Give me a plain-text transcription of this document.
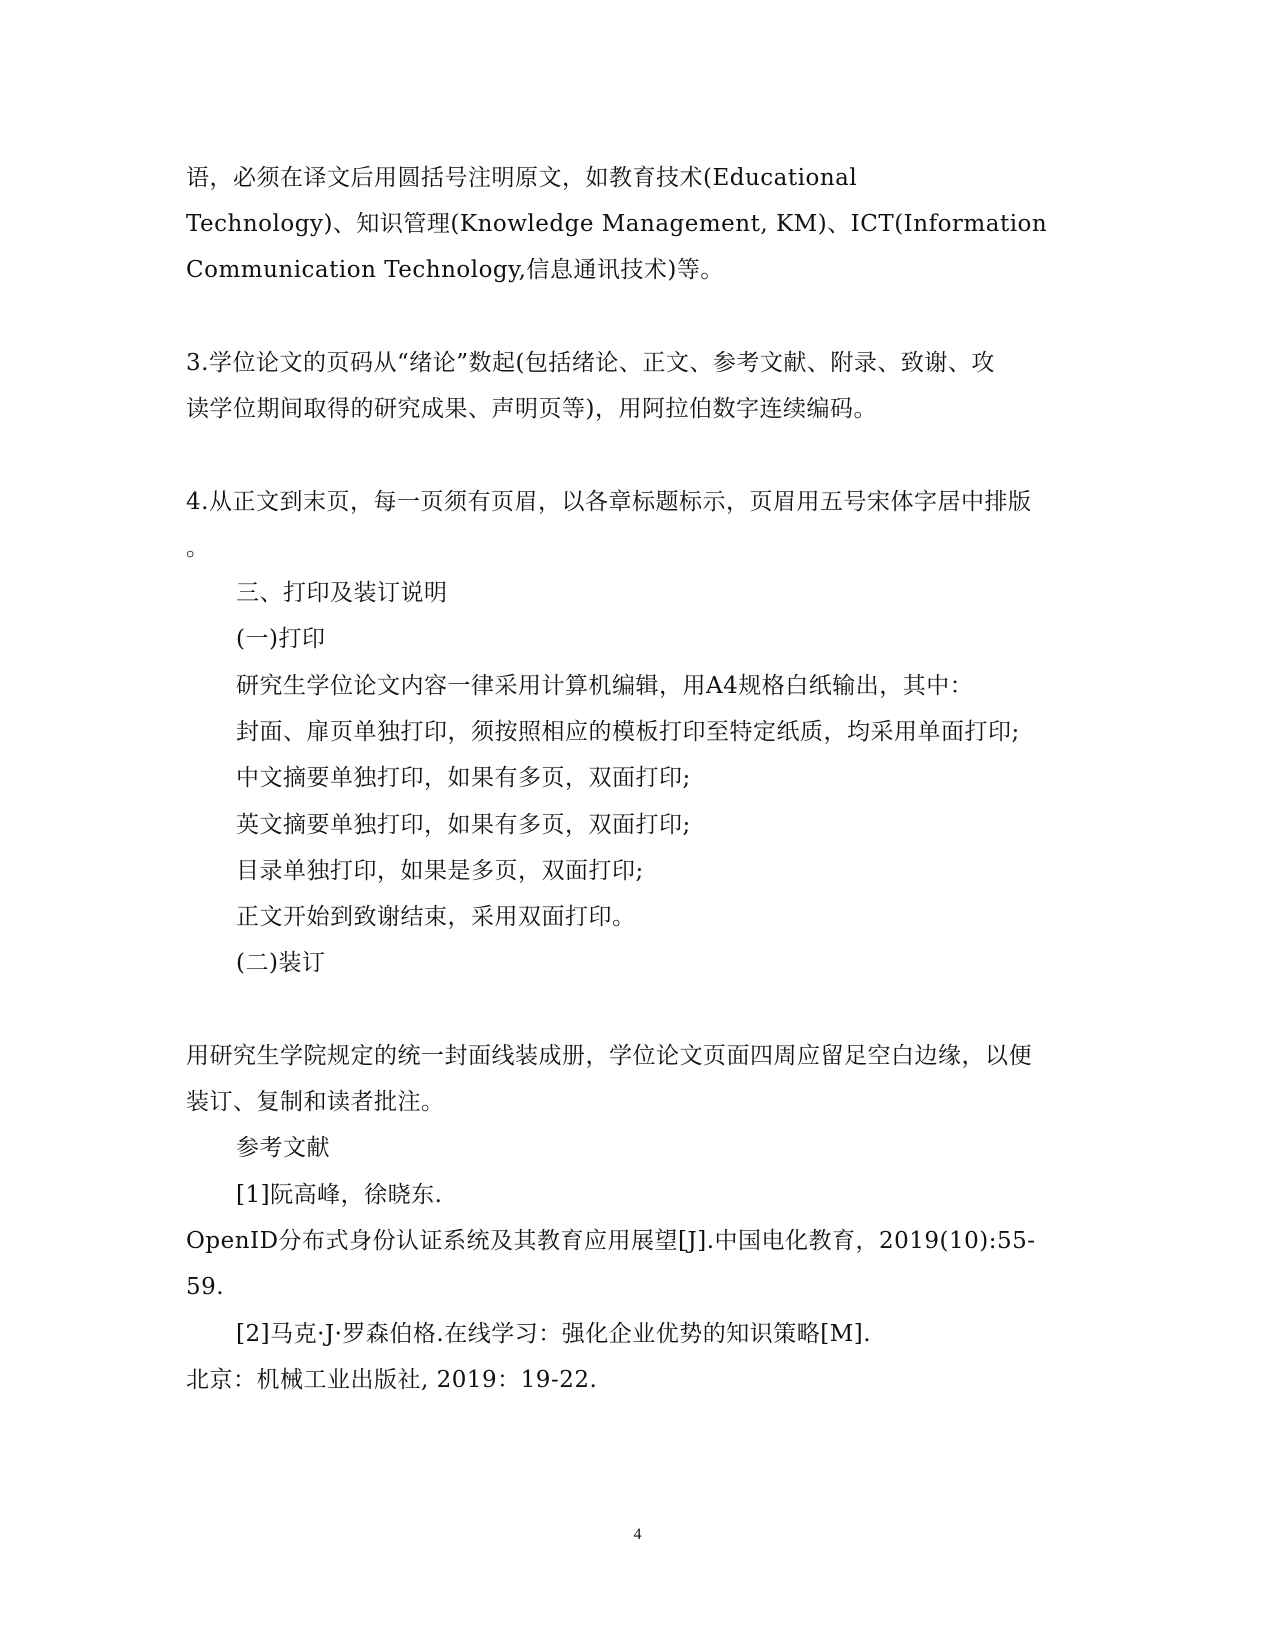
语，必须在译文后用圆括号注明原文，如教育技术(Educational
Technology)、知识管理(Knowledge Management, KM)、ICT(Information
Communication Technology,信息通讯技术)等。
3.学位论文的页码从“绪论”数起(包括绪论、正文、参考文献、附录、致谢、攻
读学位期间取得的研究成果、声明页等)，用阿拉伯数字连续编码。
4.从正文到末页，每一页须有页眉，以各章标题标示，页眉用五号宋体字居中排版
。
三、打印及装订说明
(一)打印
研究生学位论文内容一律采用计算机编辑，用A4规格白纸输出，其中：
封面、扉页单独打印，须按照相应的模板打印至特定纸质，均采用单面打印;
中文摘要单独打印，如果有多页，双面打印;
英文摘要单独打印，如果有多页，双面打印;
目录单独打印，如果是多页，双面打印;
正文开始到致谢结束，采用双面打印。
(二)装订
用研究生学院规定的统一封面线装成册，学位论文页面四周应留足空白边缘，以便
装订、复制和读者批注。
参考文献
[1]阮高峰，徐晓东.
OpenID分布式身份认证系统及其教育应用展望[J].中国电化教育，2019(10):55-
59.
[2]马克·J·罗森伯格.在线学习：强化企业优势的知识策略[M].
北京：机械工业出版社, 2019：19-22.
4
